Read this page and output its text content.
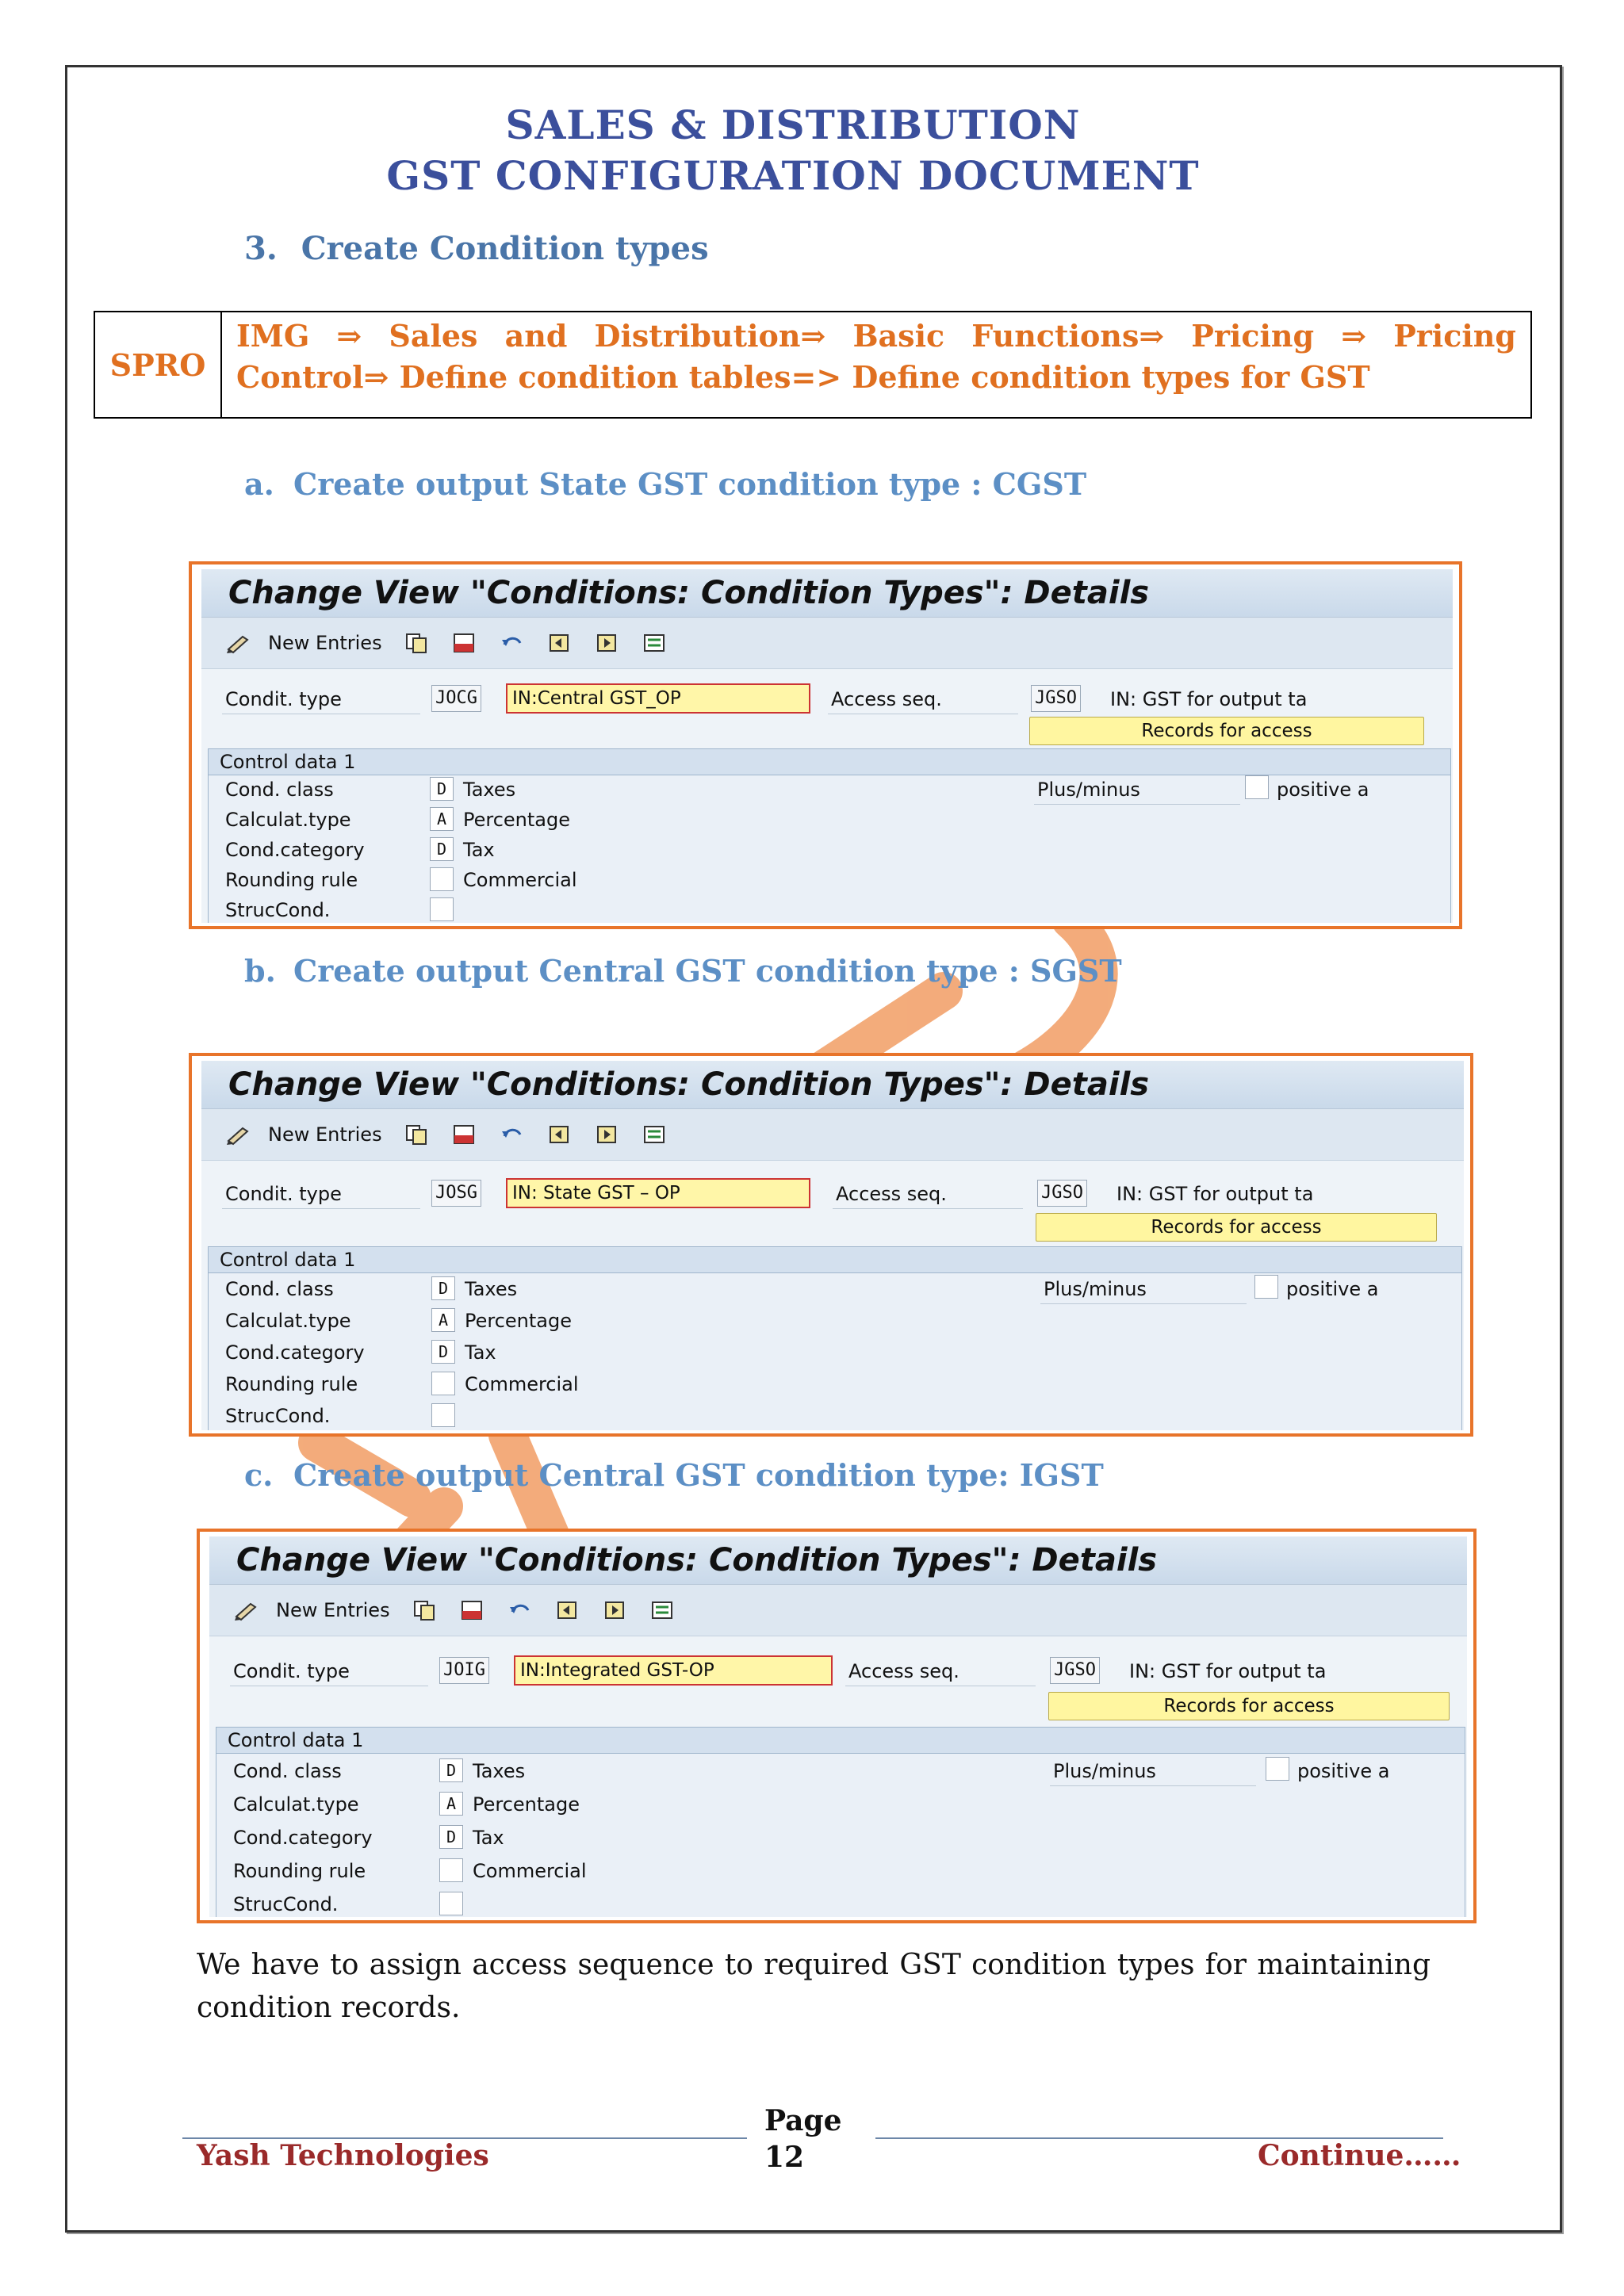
SALES & DISTRIBUTION
GST CONFIGURATION DOCUMENT
3. Create Condition types
SPRO
IMG ⇒ Sales and Distribution⇒ Basic Functions⇒ Pricing ⇒ Pricing Control⇒ Define condition tables=> Define condition types for GST
a. Create output State GST condition type : CGST
Change View "Conditions: Condition Types": Details
New Entries
Condit. type	JOCG	IN:Central GST_OP	Access seq.	JGSO IN: GST for output ta
Records for access
Control data 1
Cond. class	D Taxes	Plus/minus	positive a
Calculat.type	A Percentage
Cond.category	D Tax
Rounding rule	Commercial
StrucCond.
b. Create output Central GST condition type : SGST
Change View "Conditions: Condition Types": Details
New Entries
Condit. type	JOSG	IN: State GST – OP	Access seq.	JGSO IN: GST for output ta
Records for access
Control data 1
Cond. class	D Taxes	Plus/minus	positive a
Calculat.type	A Percentage
Cond.category	D Tax
Rounding rule	Commercial
StrucCond.
c. Create output Central GST condition type: IGST
Change View "Conditions: Condition Types": Details
New Entries
Condit. type	JOIG	IN:Integrated GST-OP	Access seq.	JGSO IN: GST for output ta
Records for access
Control data 1
Cond. class	D Taxes	Plus/minus	positive a
Calculat.type	A Percentage
Cond.category	D Tax
Rounding rule	Commercial
StrucCond.
We have to assign access sequence to required GST condition types for maintaining condition records.
Yash Technologies
Page
12	Continue……
